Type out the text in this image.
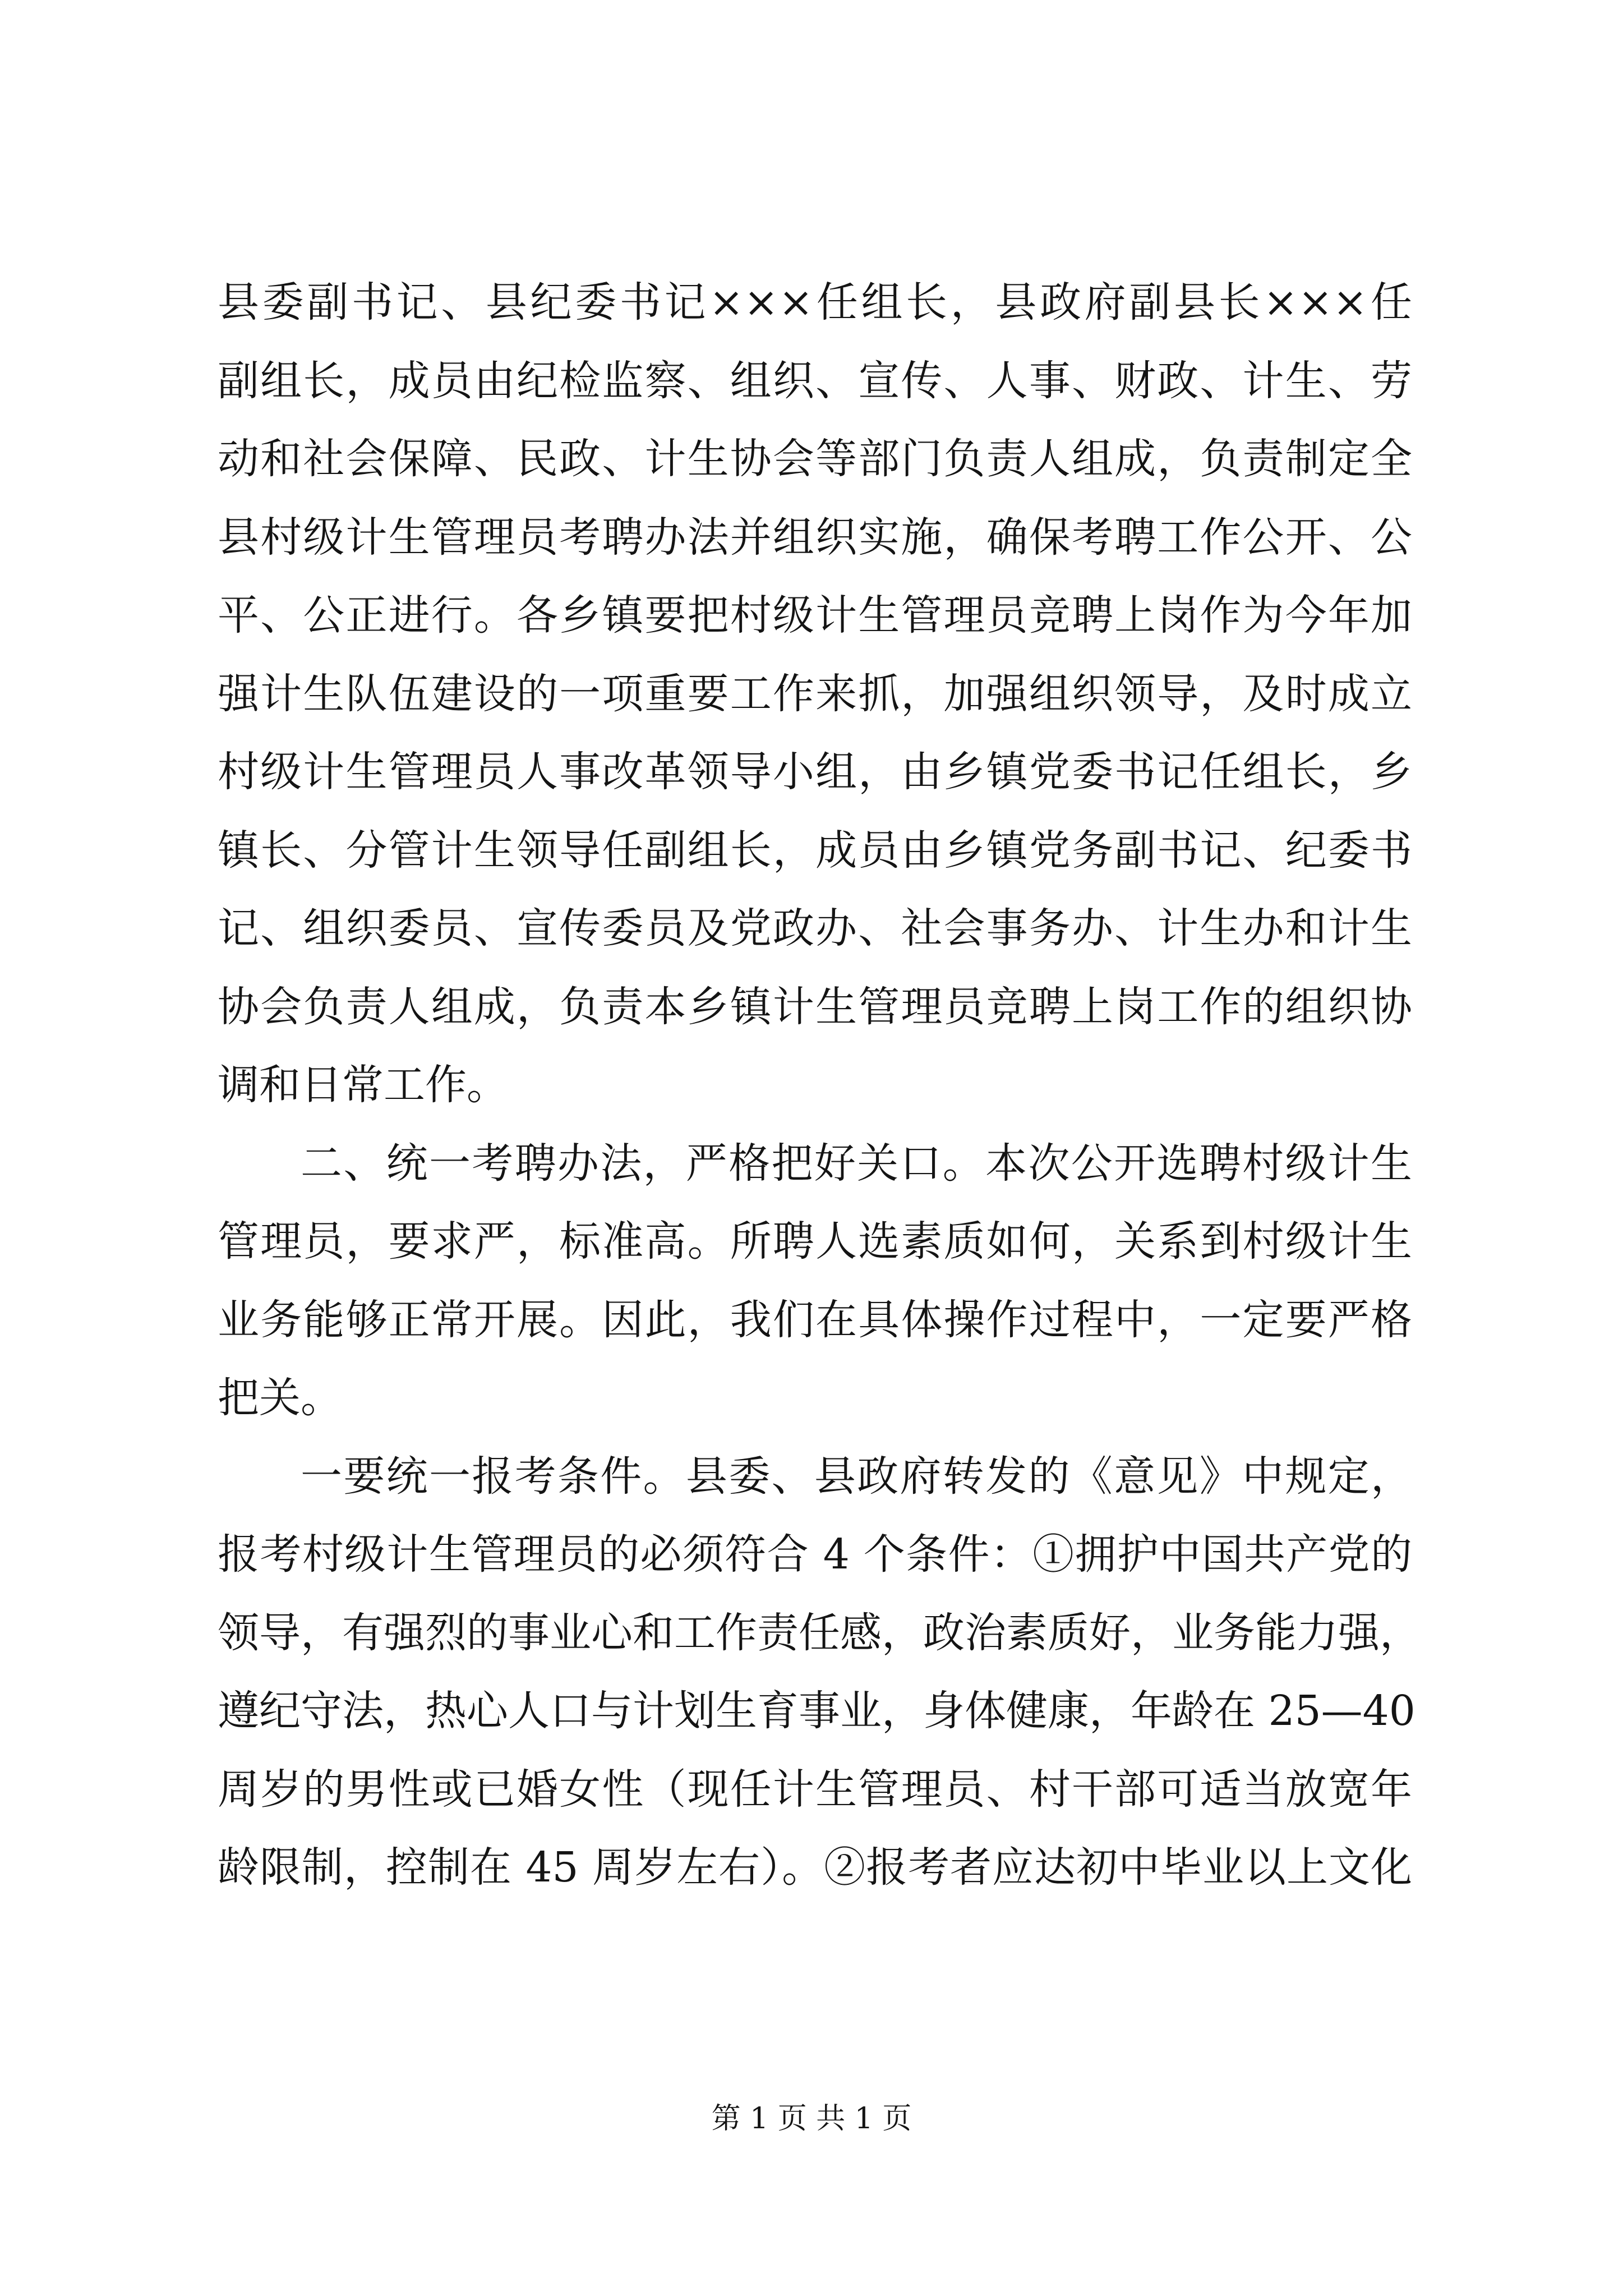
县委副书记、县纪委书记×××任组长，县政府副县长×××任
副组长，成员由纪检监察、组织、宣传、人事、财政、计生、劳
动和社会保障、民政、计生协会等部门负责人组成，负责制定全
县村级计生管理员考聘办法并组织实施，确保考聘工作公开、公
平、公正进行。各乡镇要把村级计生管理员竞聘上岗作为今年加
强计生队伍建设的一项重要工作来抓，加强组织领导，及时成立
村级计生管理员人事改革领导小组，由乡镇党委书记任组长，乡
镇长、分管计生领导任副组长，成员由乡镇党务副书记、纪委书
记、组织委员、宣传委员及党政办、社会事务办、计生办和计生
协会负责人组成，负责本乡镇计生管理员竞聘上岗工作的组织协
调和日常工作。
二、统一考聘办法，严格把好关口。本次公开选聘村级计生
管理员，要求严，标准高。所聘人选素质如何，关系到村级计生
业务能够正常开展。因此，我们在具体操作过程中，一定要严格
把关。
一要统一报考条件。县委、县政府转发的《意见》中规定，
报考村级计生管理员的必须符合 4 个条件：①拥护中国共产党的
领导，有强烈的事业心和工作责任感，政治素质好，业务能力强，
遵纪守法，热心人口与计划生育事业，身体健康，年龄在 25—40
周岁的男性或已婚女性（现任计生管理员、村干部可适当放宽年
龄限制，控制在 45 周岁左右）。②报考者应达初中毕业以上文化
第 1 页 共 1 页
